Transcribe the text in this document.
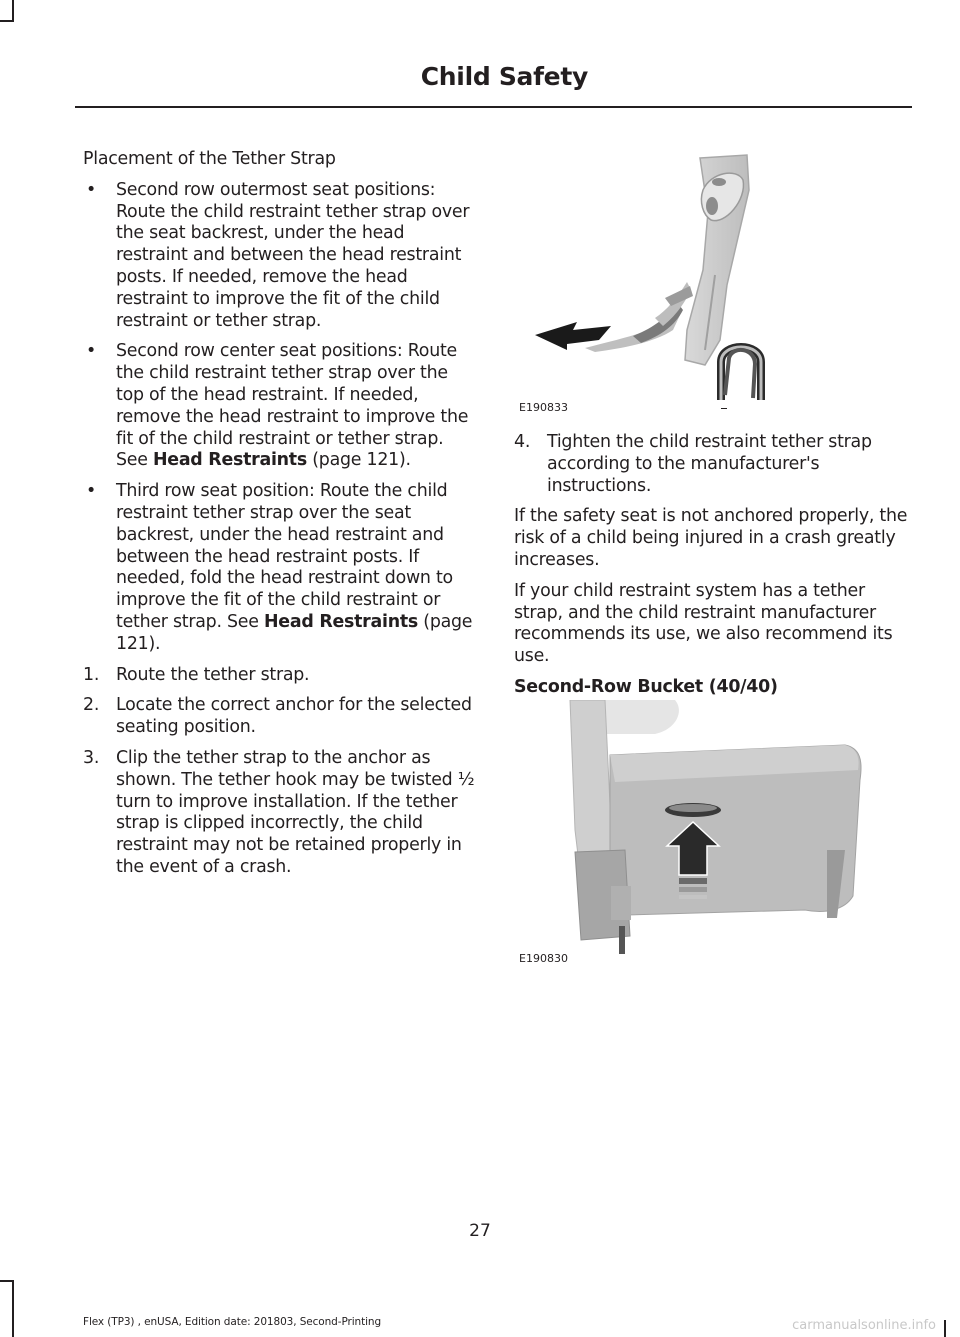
Child Safety

Placement of the Tether Strap

• Second row outermost seat positions: Route the child restraint tether strap over the seat backrest, under the head restraint and between the head restraint posts. If needed, remove the head restraint to improve the fit of the child restraint or tether strap.
• Second row center seat positions: Route the child restraint tether strap over the top of the head restraint. If needed, remove the head restraint to improve the fit of the child restraint or tether strap. See Head Restraints (page 121).
• Third row seat position: Route the child restraint tether strap over the seat backrest, under the head restraint and between the head restraint posts. If needed, fold the head restraint down to improve the fit of the child restraint or tether strap. See Head Restraints (page 121).
1. Route the tether strap.
2. Locate the correct anchor for the selected seating position.
3. Clip the tether strap to the anchor as shown. The tether hook may be twisted ½ turn to improve installation. If the tether strap is clipped incorrectly, the child restraint may not be retained properly in the event of a crash.
E190833
4. Tighten the child restraint tether strap according to the manufacturer's instructions.

If the safety seat is not anchored properly, the risk of a child being injured in a crash greatly increases.

If your child restraint system has a tether strap, and the child restraint manufacturer recommends its use, we also recommend its use.

Second-Row Bucket (40/40)

E190830
27
Flex (TP3) , enUSA, Edition date: 201803, Second-Printing	carmanualsonline.info
